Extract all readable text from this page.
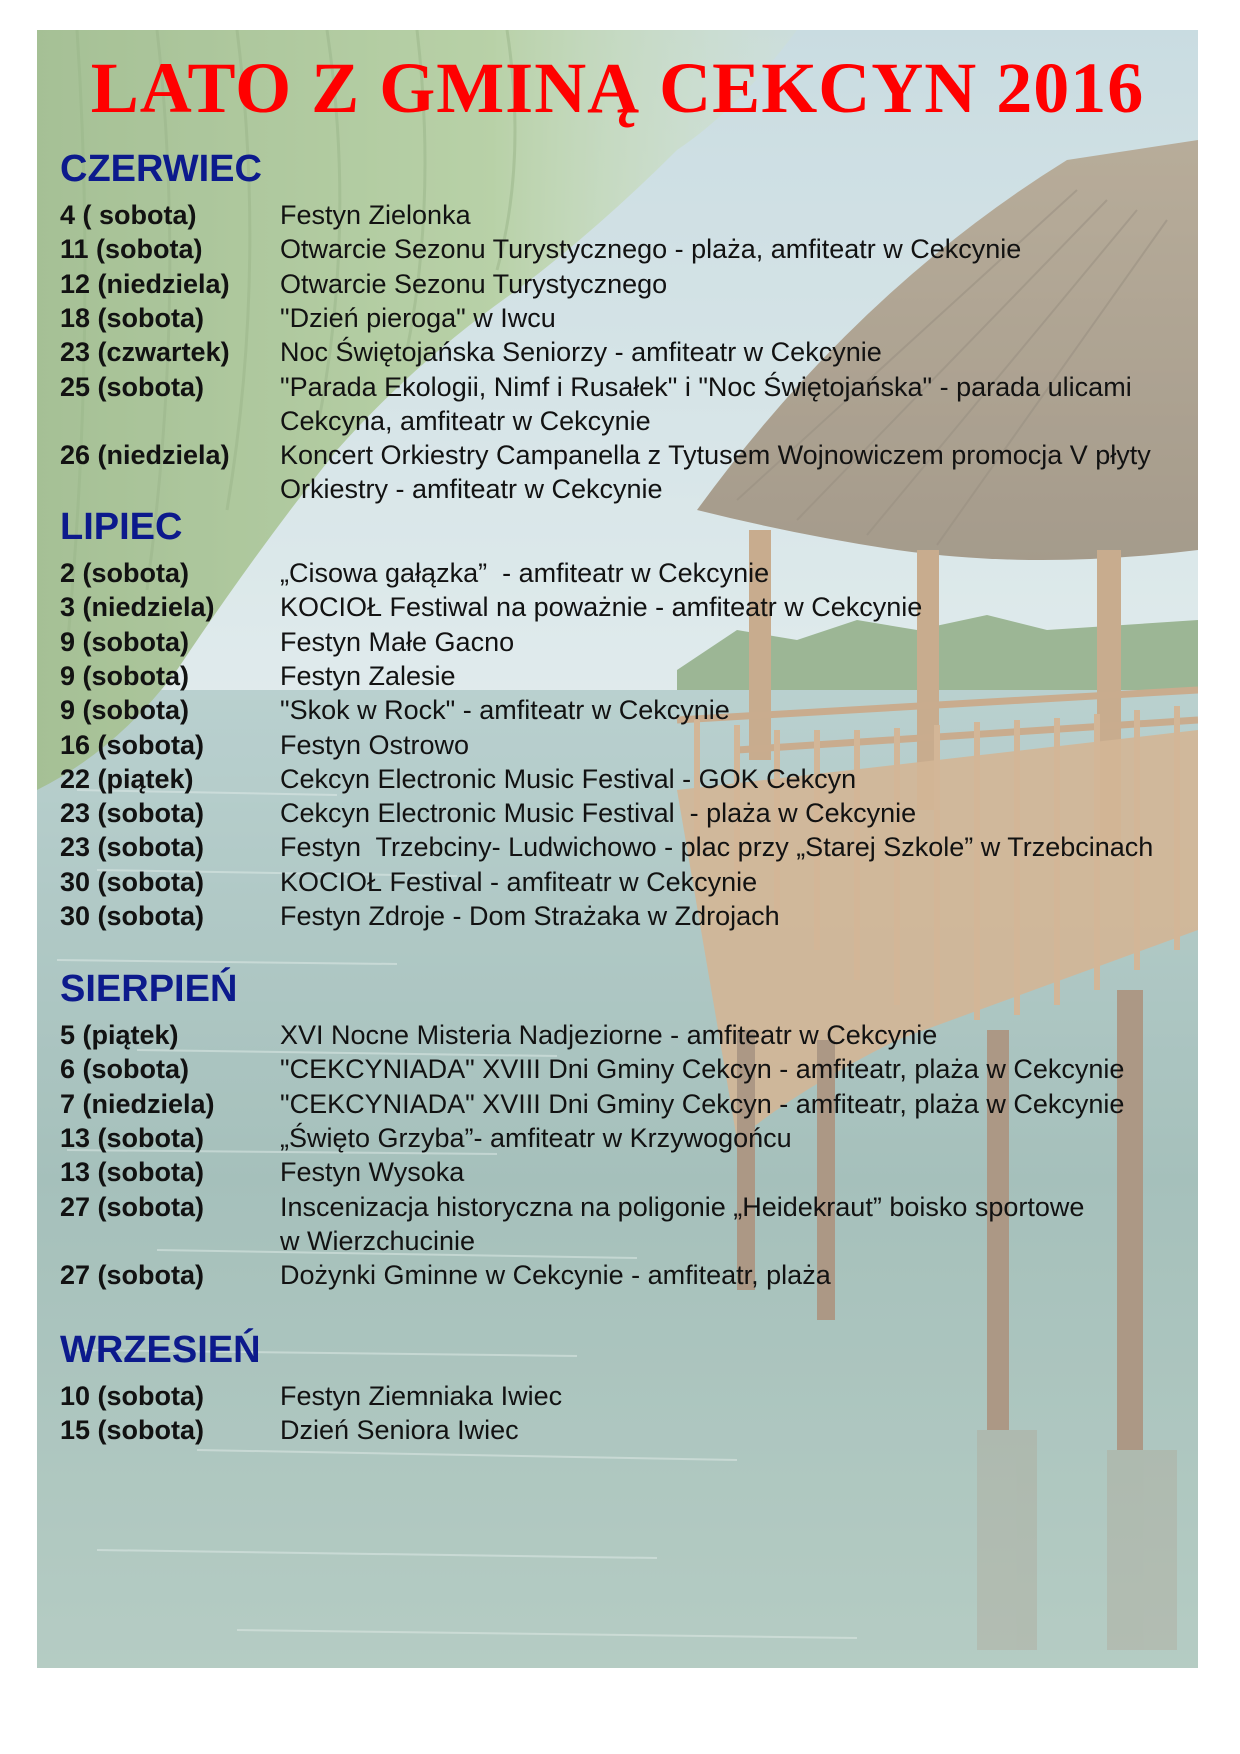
LATO Z GMINĄ CEKCYN 2016
CZERWIEC
4 ( sobota)	Festyn Zielonka
11 (sobota)	Otwarcie Sezonu Turystycznego - plaża, amfiteatr w Cekcynie
12 (niedziela) Otwarcie Sezonu Turystycznego
18 (sobota)	"Dzień pieroga" w Iwcu
23 (czwartek) Noc Świętojańska Seniorzy - amfiteatr w Cekcynie
25 (sobota)	"Parada Ekologii, Nimf i Rusałek" i "Noc Świętojańska" - parada ulicami
Cekcyna, amfiteatr w Cekcynie
26 (niedziela) Koncert Orkiestry Campanella z Tytusem Wojnowiczem promocja V płyty
Orkiestry - amfiteatr w Cekcynie
LIPIEC
2 (sobota)	„Cisowa gałązka”  - amfiteatr w Cekcynie
3 (niedziela) KOCIOŁ Festiwal na poważnie - amfiteatr w Cekcynie
9 (sobota)	Festyn Małe Gacno
9 (sobota)	Festyn Zalesie
9 (sobota)	"Skok w Rock" - amfiteatr w Cekcynie
16 (sobota)	Festyn Ostrowo
22 (piątek)	Cekcyn Electronic Music Festival - GOK Cekcyn
23 (sobota)	Cekcyn Electronic Music Festival  - plaża w Cekcynie
23 (sobota)	Festyn  Trzebciny- Ludwichowo - plac przy „Starej Szkole” w Trzebcinach
30 (sobota)	KOCIOŁ Festival - amfiteatr w Cekcynie
30 (sobota)	Festyn Zdroje - Dom Strażaka w Zdrojach
SIERPIEŃ
5 (piątek)	XVI Nocne Misteria Nadjeziorne - amfiteatr w Cekcynie
6 (sobota)	"CEKCYNIADA" XVIII Dni Gminy Cekcyn - amfiteatr, plaża w Cekcynie
7 (niedziela) "CEKCYNIADA" XVIII Dni Gminy Cekcyn - amfiteatr, plaża w Cekcynie
13 (sobota)	„Święto Grzyba”- amfiteatr w Krzywogońcu
13 (sobota)	Festyn Wysoka
27 (sobota)	Inscenizacja historyczna na poligonie „Heidekraut” boisko sportowe
w Wierzchucinie
27 (sobota)	Dożynki Gminne w Cekcynie - amfiteatr, plaża
WRZESIEŃ
10 (sobota)	Festyn Ziemniaka Iwiec
15 (sobota)	Dzień Seniora Iwiec
